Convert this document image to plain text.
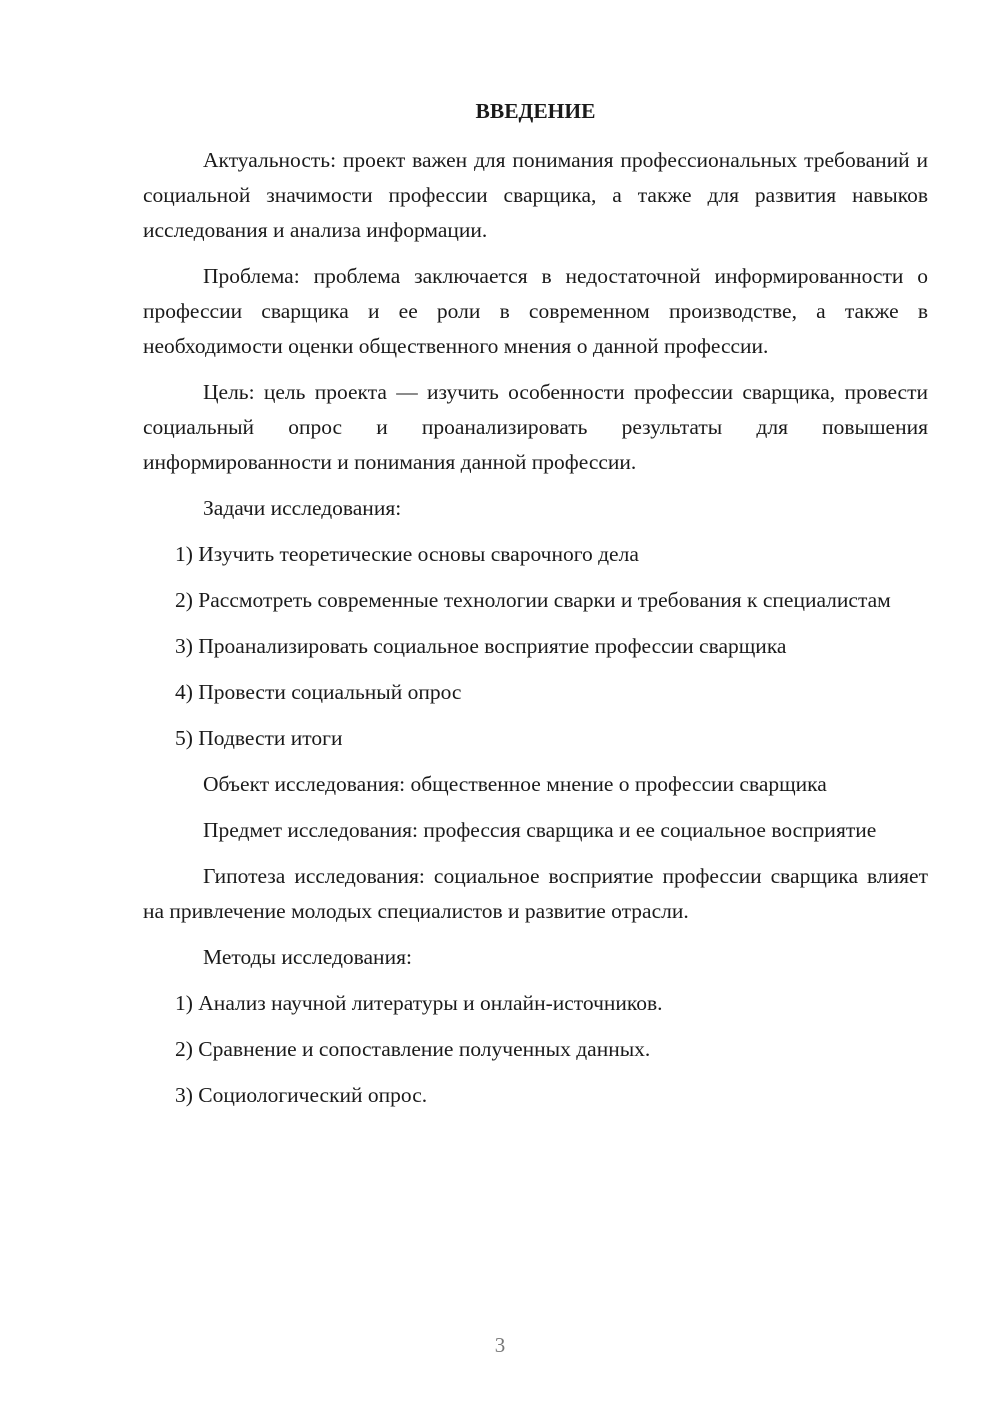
ВВЕДЕНИЕ

Актуальность: проект важен для понимания профессиональных требований и социальной значимости профессии сварщика, а также для развития навыков исследования и анализа информации.

Проблема: проблема заключается в недостаточной информированности о профессии сварщика и ее роли в современном производстве, а также в необходимости оценки общественного мнения о данной профессии.

Цель: цель проекта — изучить особенности профессии сварщика, провести социальный опрос и проанализировать результаты для повышения информированности и понимания данной профессии.

Задачи исследования:

1) Изучить теоретические основы сварочного дела

2) Рассмотреть современные технологии сварки и требования к специалистам

3) Проанализировать социальное восприятие профессии сварщика

4) Провести социальный опрос

5) Подвести итоги

Объект исследования: общественное мнение о профессии сварщика

Предмет исследования: профессия сварщика и ее социальное восприятие

Гипотеза исследования: социальное восприятие профессии сварщика влияет на привлечение молодых специалистов и развитие отрасли.

Методы исследования:

1) Анализ научной литературы и онлайн-источников.

2) Сравнение и сопоставление полученных данных.

3) Социологический опрос.

3
